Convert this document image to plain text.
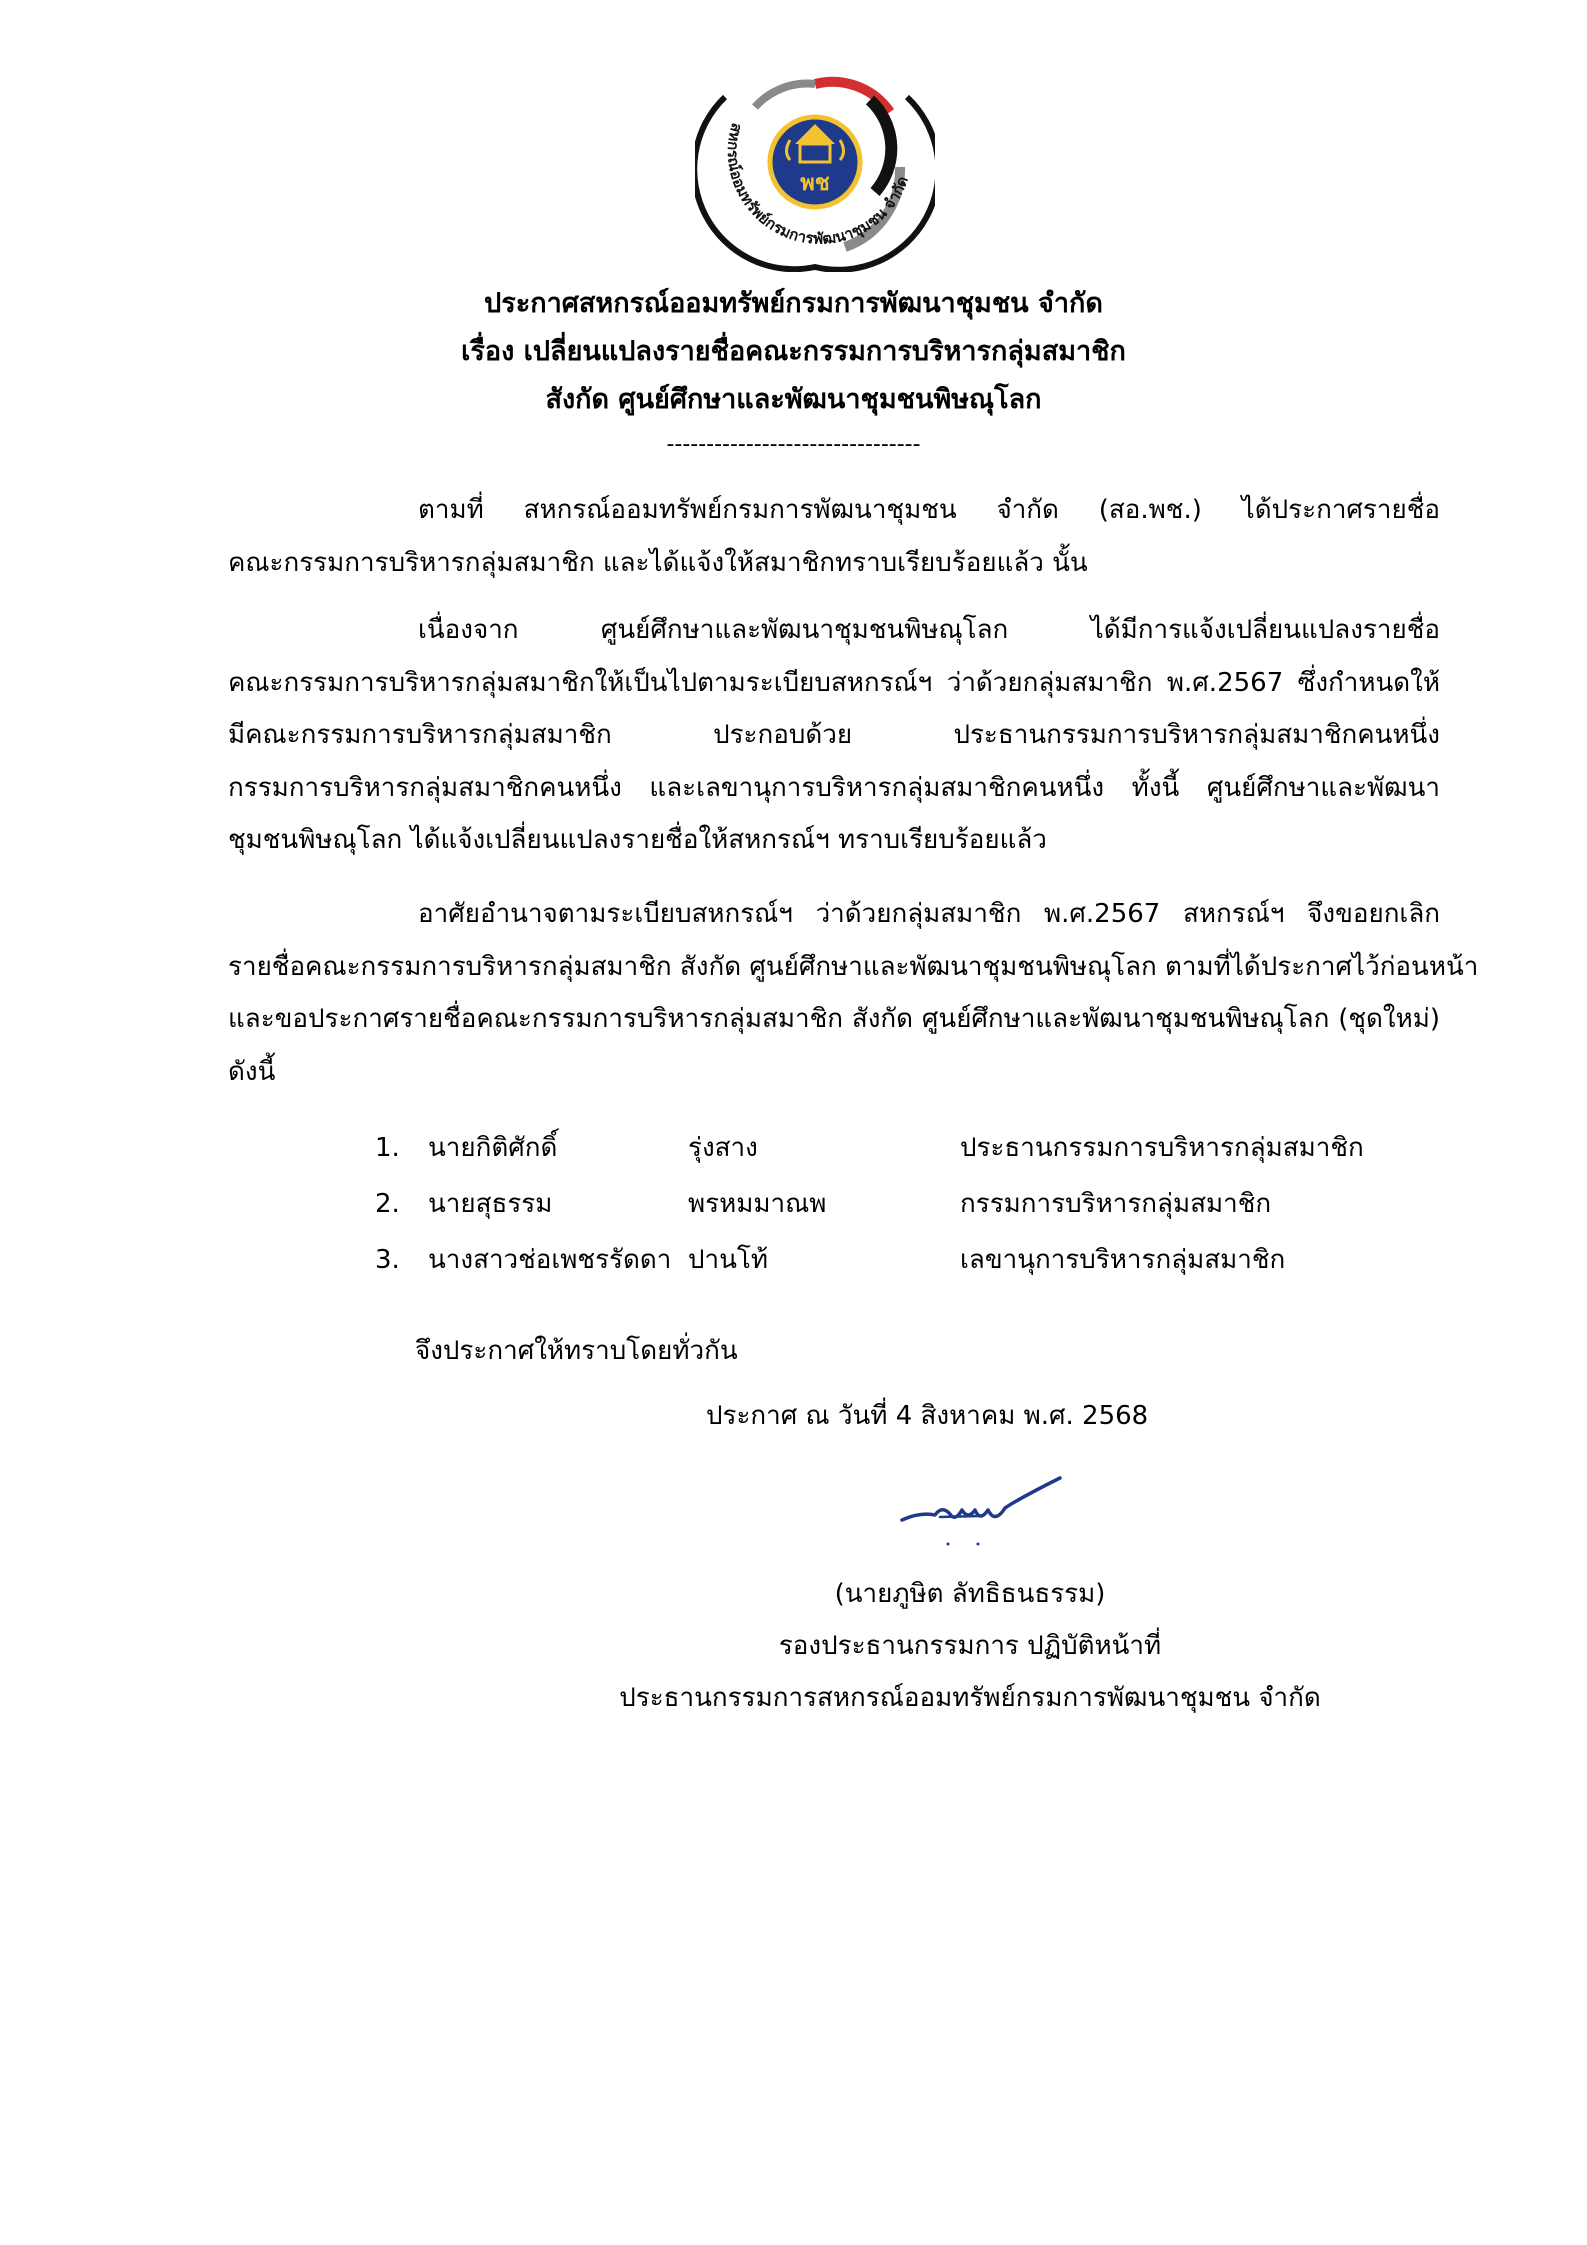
สหกรณ์ออมทรัพย์กรมการพัฒนาชุมชน จำกัด
พช
ประกาศสหกรณ์ออมทรัพย์กรมการพัฒนาชุมชน จำกัด
เรื่อง เปลี่ยนแปลงรายชื่อคณะกรรมการบริหารกลุ่มสมาชิก
สังกัด ศูนย์ศึกษาและพัฒนาชุมชนพิษณุโลก
--------------------------------
ตามที่ สหกรณ์ออมทรัพย์กรมการพัฒนาชุมชน จำกัด (สอ.พช.) ได้ประกาศรายชื่อ
คณะกรรมการบริหารกลุ่มสมาชิก และได้แจ้งให้สมาชิกทราบเรียบร้อยแล้ว นั้น
เนื่องจาก ศูนย์ศึกษาและพัฒนาชุมชนพิษณุโลก ได้มีการแจ้งเปลี่ยนแปลงรายชื่อ
คณะกรรมการบริหารกลุ่มสมาชิกให้เป็นไปตามระเบียบสหกรณ์ฯ ว่าด้วยกลุ่มสมาชิก พ.ศ.2567 ซึ่งกำหนดให้
มีคณะกรรมการบริหารกลุ่มสมาชิก ประกอบด้วย ประธานกรรมการบริหารกลุ่มสมาชิกคนหนึ่ง
กรรมการบริหารกลุ่มสมาชิกคนหนึ่ง และเลขานุการบริหารกลุ่มสมาชิกคนหนึ่ง ทั้งนี้ ศูนย์ศึกษาและพัฒนา
ชุมชนพิษณุโลก ได้แจ้งเปลี่ยนแปลงรายชื่อให้สหกรณ์ฯ ทราบเรียบร้อยแล้ว
อาศัยอำนาจตามระเบียบสหกรณ์ฯ ว่าด้วยกลุ่มสมาชิก พ.ศ.2567 สหกรณ์ฯ จึงขอยกเลิก
รายชื่อคณะกรรมการบริหารกลุ่มสมาชิก สังกัด ศูนย์ศึกษาและพัฒนาชุมชนพิษณุโลก ตามที่ได้ประกาศไว้ก่อนหน้า
และขอประกาศรายชื่อคณะกรรมการบริหารกลุ่มสมาชิก สังกัด ศูนย์ศึกษาและพัฒนาชุมชนพิษณุโลก (ชุดใหม่)
ดังนี้
1. นายกิติศักดิ์	รุ่งสาง	ประธานกรรมการบริหารกลุ่มสมาชิก
2. นายสุธรรม	พรหมมาณพ	กรรมการบริหารกลุ่มสมาชิก
3. นางสาวช่อเพชรรัดดา ปานโท้	เลขานุการบริหารกลุ่มสมาชิก
จึงประกาศให้ทราบโดยทั่วกัน
ประกาศ ณ วันที่ 4 สิงหาคม พ.ศ. 2568
(นายภูษิต ลัทธิธนธรรม)
รองประธานกรรมการ ปฏิบัติหน้าที่
ประธานกรรมการสหกรณ์ออมทรัพย์กรมการพัฒนาชุมชน จำกัด
